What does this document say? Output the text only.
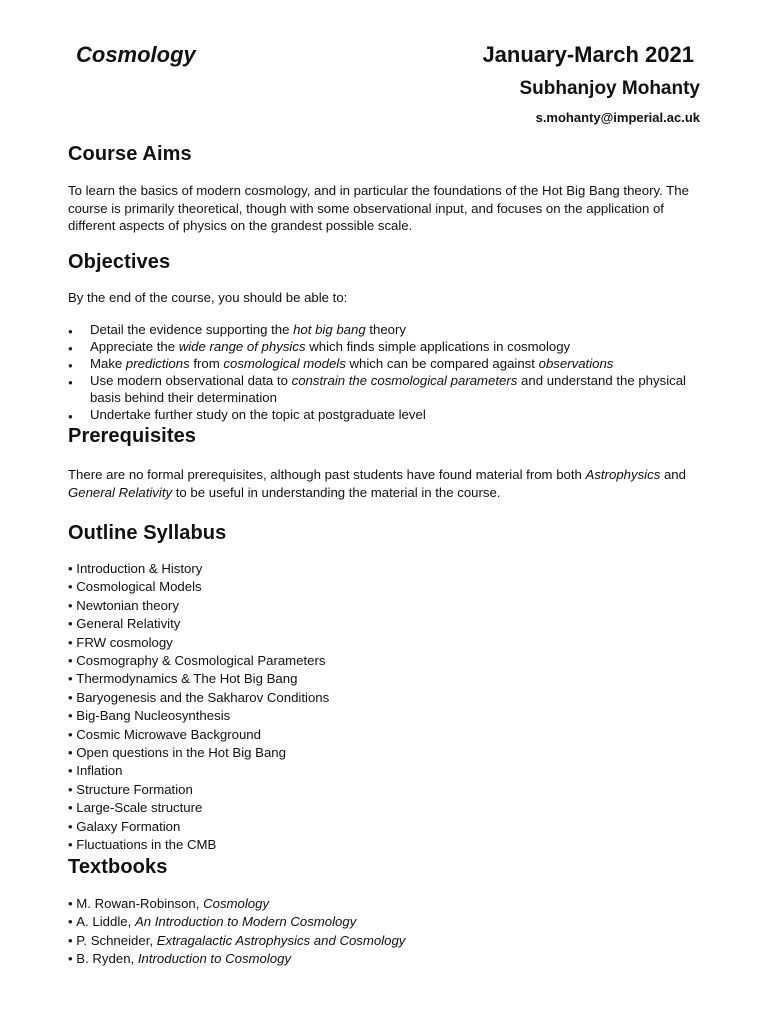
Cosmology	January-March 2021
Subhanjoy Mohanty
s.mohanty@imperial.ac.uk
Course Aims
To learn the basics of modern cosmology, and in particular the foundations of the Hot Big Bang theory. The course is primarily theoretical, though with some observational input, and focuses on the application of different aspects of physics on the grandest possible scale.
Objectives
By the end of the course, you should be able to:
● Detail the evidence supporting the hot big bang theory
● Appreciate the wide range of physics which finds simple applications in cosmology
● Make predictions from cosmological models which can be compared against observations
● Use modern observational data to constrain the cosmological parameters and understand the physical basis behind their determination
● Undertake further study on the topic at postgraduate level
Prerequisites
There are no formal prerequisites, although past students have found material from both Astrophysics and General Relativity to be useful in understanding the material in the course.
Outline Syllabus
• Introduction & History
• Cosmological Models
• Newtonian theory
• General Relativity
• FRW cosmology
• Cosmography & Cosmological Parameters
• Thermodynamics & The Hot Big Bang
• Baryogenesis and the Sakharov Conditions
• Big-Bang Nucleosynthesis
• Cosmic Microwave Background
• Open questions in the Hot Big Bang
• Inflation
• Structure Formation
• Large-Scale structure
• Galaxy Formation
• Fluctuations in the CMB
Textbooks
• M. Rowan-Robinson, Cosmology
• A. Liddle, An Introduction to Modern Cosmology
• P. Schneider, Extragalactic Astrophysics and Cosmology
• B. Ryden, Introduction to Cosmology
